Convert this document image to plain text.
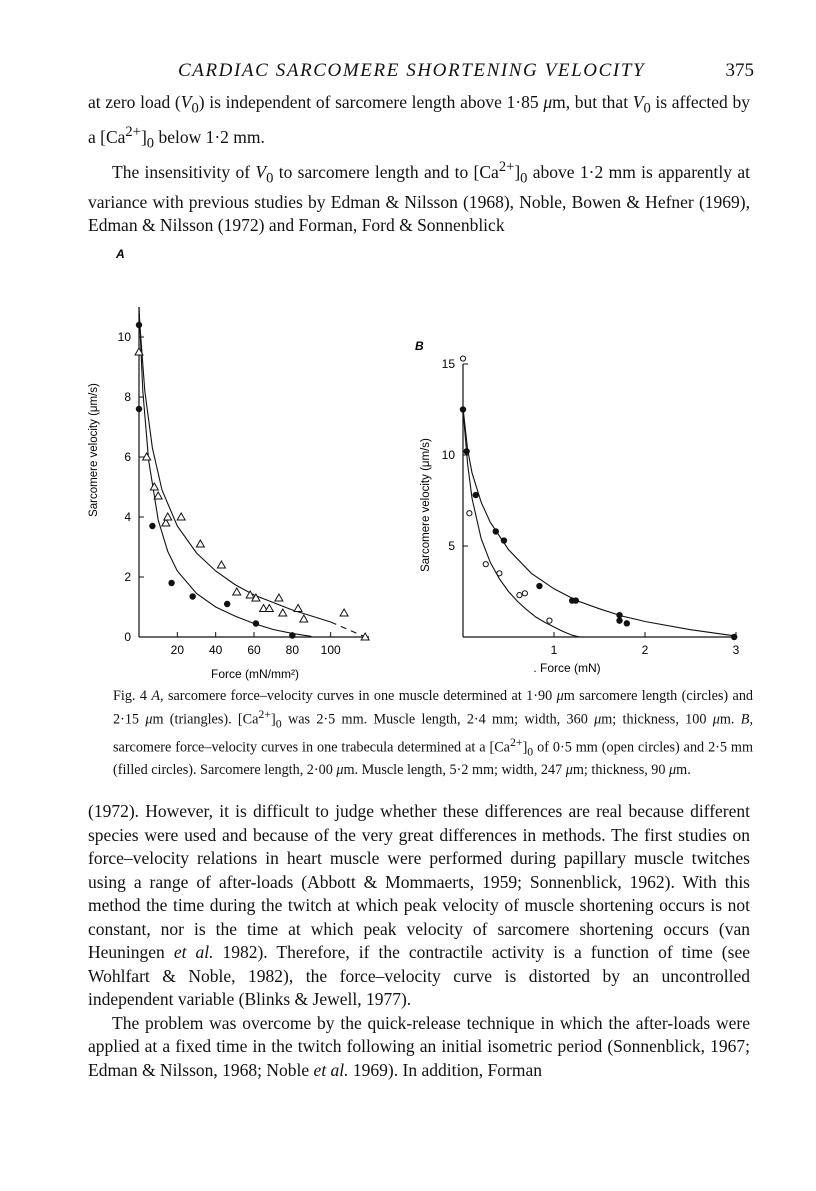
CARDIAC SARCOMERE SHORTENING VELOCITY	375

at zero load $(V_0)$ is independent of sarcomere length above 1·85 μm, but that $V_0$ is affected by a $[Ca^{2+}]_0$ below 1·2 mm.

The insensitivity of $V_0$ to sarcomere length and to $[Ca^{2+}]_0$ above 1·2 mm is apparently at variance with previous studies by Edman & Nilsson (1968), Noble, Bowen & Hefner (1969), Edman & Nilsson (1972) and Forman, Ford & Sonnenblick

A
20 40 60 80 100
0
2
4
6
8
10
Force (mN/mm²)
Sarcomere velocity (μm/s)
B
1	2	3
5
10
15
. Force (mN)
Sarcomere velocity (μm/s)
Fig. 4 A, sarcomere force–velocity curves in one muscle determined at 1·90 μm sarcomere length (circles) and 2·15 μm (triangles). $[Ca^{2+}]_0$ was 2·5 mm. Muscle length, 2·4 mm; width, 360 μm; thickness, 100 μm. B, sarcomere force–velocity curves in one trabecula determined at a $[Ca^{2+}]_0$ of 0·5 mm (open circles) and 2·5 mm (filled circles). Sarcomere length, 2·00 μm. Muscle length, 5·2 mm; width, 247 μm; thickness, 90 μm.

(1972). However, it is difficult to judge whether these differences are real because different species were used and because of the very great differences in methods. The first studies on force–velocity relations in heart muscle were performed during papillary muscle twitches using a range of after-loads (Abbott & Mommaerts, 1959; Sonnenblick, 1962). With this method the time during the twitch at which peak velocity of muscle shortening occurs is not constant, nor is the time at which peak velocity of sarcomere shortening occurs (van Heuningen et al. 1982). Therefore, if the contractile activity is a function of time (see Wohlfart & Noble, 1982), the force–velocity curve is distorted by an uncontrolled independent variable (Blinks & Jewell, 1977).

The problem was overcome by the quick-release technique in which the after-loads were applied at a fixed time in the twitch following an initial isometric period (Sonnenblick, 1967; Edman & Nilsson, 1968; Noble et al. 1969). In addition, Forman
